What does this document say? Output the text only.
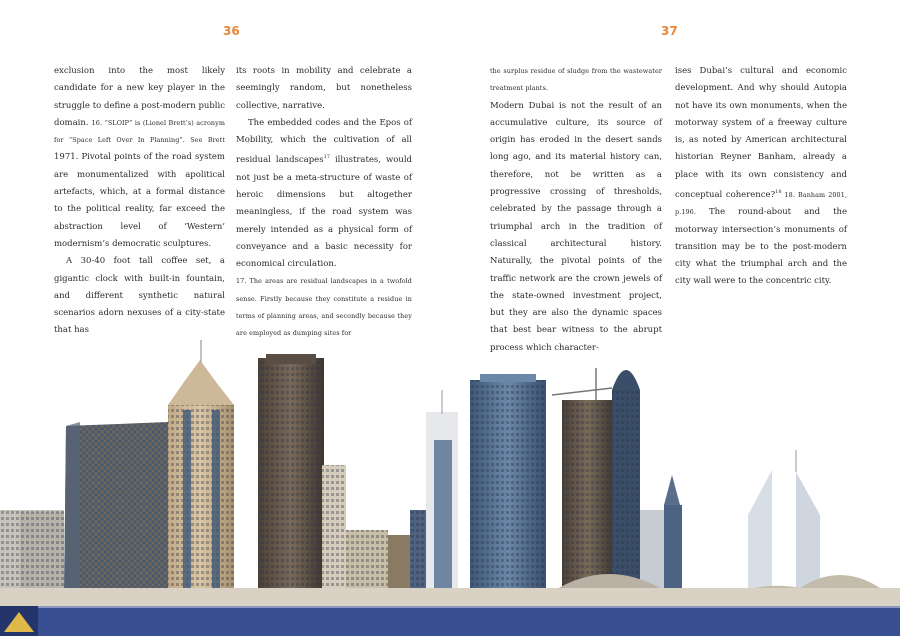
36	37

exclusion into the most likely candidate for a new key player in the struggle to define a post-modern public domain. 16. “SLOIP” is (Lionel Brett’s) acronym for “Space Left Over In Planning”. See Brett 1971. Pivotal points of the road system are monumentalized with apolitical artefacts, which, at a formal distance to the political reality, far exceed the abstraction level of ‘Western’ modernism’s democratic sculptures.

A 30-40 foot tall coffee set, a gigantic clock with built-in fountain, and different synthetic natural scenarios adorn nexuses of a city-state that has

its roots in mobility and celebrate a seemingly random, but nonetheless collective, narrative.

The embedded codes and the Epos of Mobility, which the cultivation of all residual landscapes$^{17}$ illustrates, would not just be a meta-structure of waste of heroic dimensions but altogether meaningless, if the road system was merely intended as a physical form of conveyance and a basic necessity for economical circulation.

17. The areas are residual landscapes in a twofold sense. Firstly because they constitute a residue in terms of planning areas, and secondly because they are employed as dumping sites for

the surplus residue of sludge from the wastewater treatment plants.

Modern Dubai is not the result of an accumulative culture, its source of origin has eroded in the desert sands long ago, and its material history can, therefore, not be written as a progressive crossing of thresholds, celebrated by the passage through a triumphal arch in the tradition of classical architectural history. Naturally, the pivotal points of the traffic network are the crown jewels of the state-owned investment project, but they are also the dynamic spaces that best bear witness to the abrupt process which character-

ises Dubai’s cultural and economic development. And why should Autopia not have its own monuments, when the motorway system of a freeway culture is, as noted by American architectural historian Reyner Banham, already a place with its own consistency and conceptual coherence?$^{18}$ 18. Banham 2001, p.196. The round-about and the motorway intersection’s monuments of transition may be to the post-modern city what the triumphal arch and the city wall were to the concentric city.
